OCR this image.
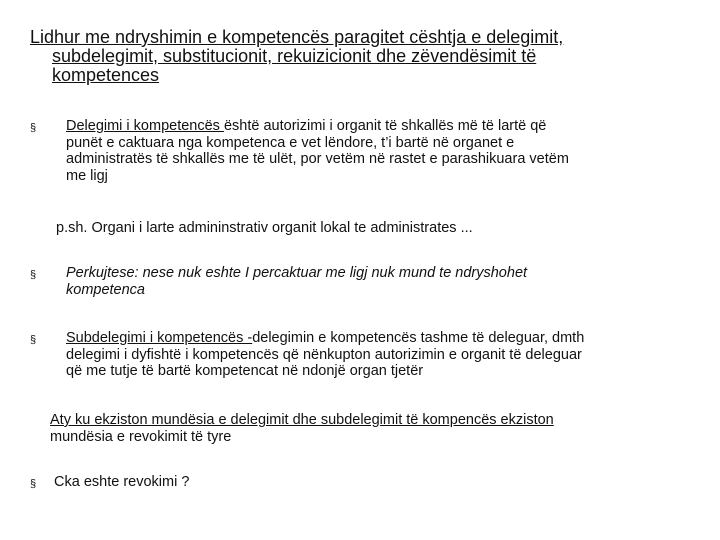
Lidhur me ndryshimin e kompetencës paragitet cështja e delegimit,
subdelegimit, substitucionit, rekuizicionit dhe zëvendësimit të
kompetences
§ Delegimi i kompetencës është autorizimi i organit të shkallës më të lartë që
punët e caktuara nga kompetenca e vet lëndore, t’i bartë në organet e
administratës të shkallës me të ulët, por vetëm në rastet e parashikuara vetëm
me ligj

p.sh. Organi i larte admininstrativ organit lokal te administrates ...

§ Perkujtese: nese nuk eshte I percaktuar me ligj nuk mund te ndryshohet
kompetenca

§ Subdelegimi i kompetencës -delegimin e kompetencës tashme të deleguar, dmth
delegimi i dyfishtë i kompetencës që nënkupton autorizimin e organit të deleguar
që me tutje të bartë kompetencat në ndonjë organ tjetër

Aty ku ekziston mundësia e delegimit dhe subdelegimit të kompencës ekziston
mundësia e revokimit të tyre

§ Cka eshte revokimi ?
